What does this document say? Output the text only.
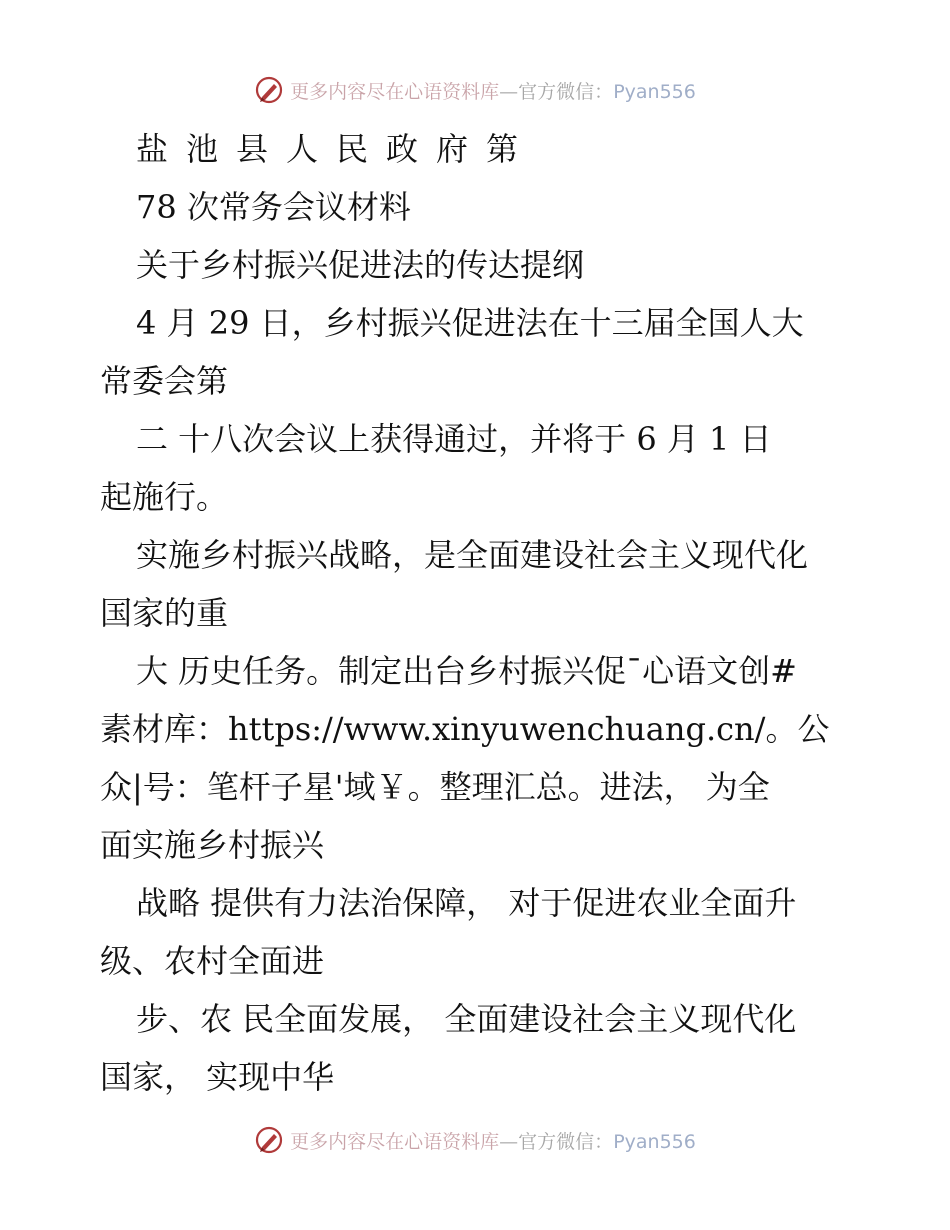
更多内容尽在心语资料库—官方微信：Pyan556
盐池县人民政府第
78 次常务会议材料
关于乡村振兴促进法的传达提纲
4 月 29 日，乡村振兴促进法在十三届全国人大
常委会第
二 十八次会议上获得通过，并将于 6 月 1 日
起施行。
实施乡村振兴战略，是全面建设社会主义现代化
国家的重
大 历史任务。制定出台乡村振兴促¯心语文创#
素材库：https://www.xinyuwenchuang.cn/。公
众|号：笔杆子星'域￥。整理汇总。进法， 为全
面实施乡村振兴
战略 提供有力法治保障， 对于促进农业全面升
级、农村全面进
步、农 民全面发展， 全面建设社会主义现代化
国家， 实现中华
更多内容尽在心语资料库—官方微信：Pyan556
